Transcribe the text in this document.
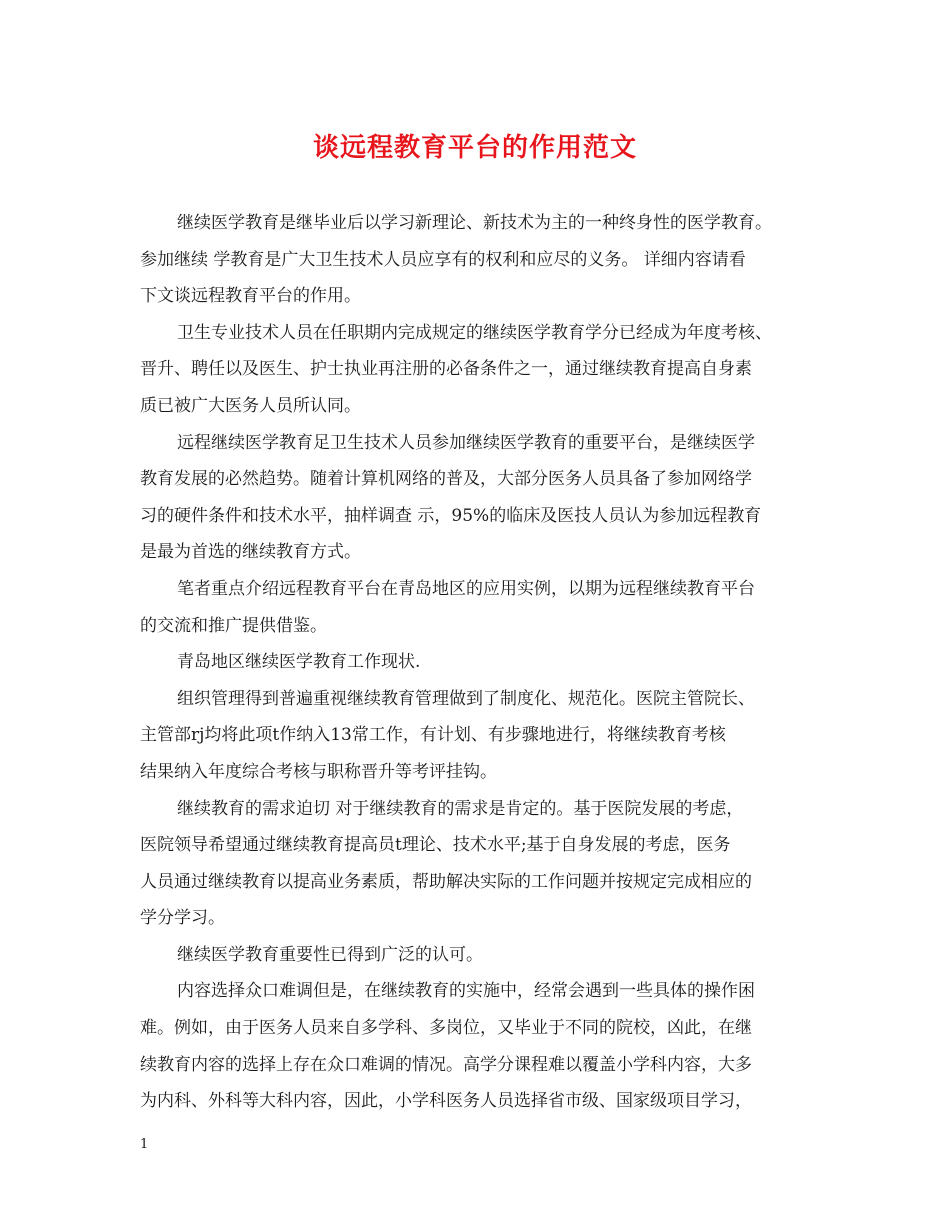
谈远程教育平台的作用范文
继续医学教育是继毕业后以学习新理论、新技术为主的一种终身性的医学教育。
参加继续 学教育是广大卫生技术人员应享有的权利和应尽的义务。 详细内容请看
下文谈远程教育平台的作用。
卫生专业技术人员在任职期内完成规定的继续医学教育学分已经成为年度考核、
晋升、聘任以及医生、护士执业再注册的必备条件之一，通过继续教育提高自身素
质已被广大医务人员所认同。
远程继续医学教育足卫生技术人员参加继续医学教育的重要平台，是继续医学
教育发展的必然趋势。随着计算机网络的普及，大部分医务人员具备了参加网络学
习的硬件条件和技术水平，抽样调查 示，95%的临床及医技人员认为参加远程教育
是最为首选的继续教育方式。
笔者重点介绍远程教育平台在青岛地区的应用实例，以期为远程继续教育平台
的交流和推广提供借鉴。
青岛地区继续医学教育工作现状.
组织管理得到普遍重视继续教育管理做到了制度化、规范化。医院主管院长、
主管部rj均将此项t作纳入13常工作，有计划、有步骤地进行，将继续教育考核
结果纳入年度综合考核与职称晋升等考评挂钩。
继续教育的需求迫切 对于继续教育的需求是肯定的。基于医院发展的考虑，
医院领导希望通过继续教育提高员t理论、技术水平;基于自身发展的考虑，医务
人员通过继续教育以提高业务素质，帮助解决实际的工作问题并按规定完成相应的
学分学习。
继续医学教育重要性已得到广泛的认可。
内容选择众口难调但是，在继续教育的实施中，经常会遇到一些具体的操作困
难。例如，由于医务人员来自多学科、多岗位，又毕业于不同的院校，凶此，在继
续教育内容的选择上存在众口难调的情况。高学分课程难以覆盖小学科内容，大多
为内科、外科等大科内容，因此，小学科医务人员选择省市级、国家级项目学习，
1
